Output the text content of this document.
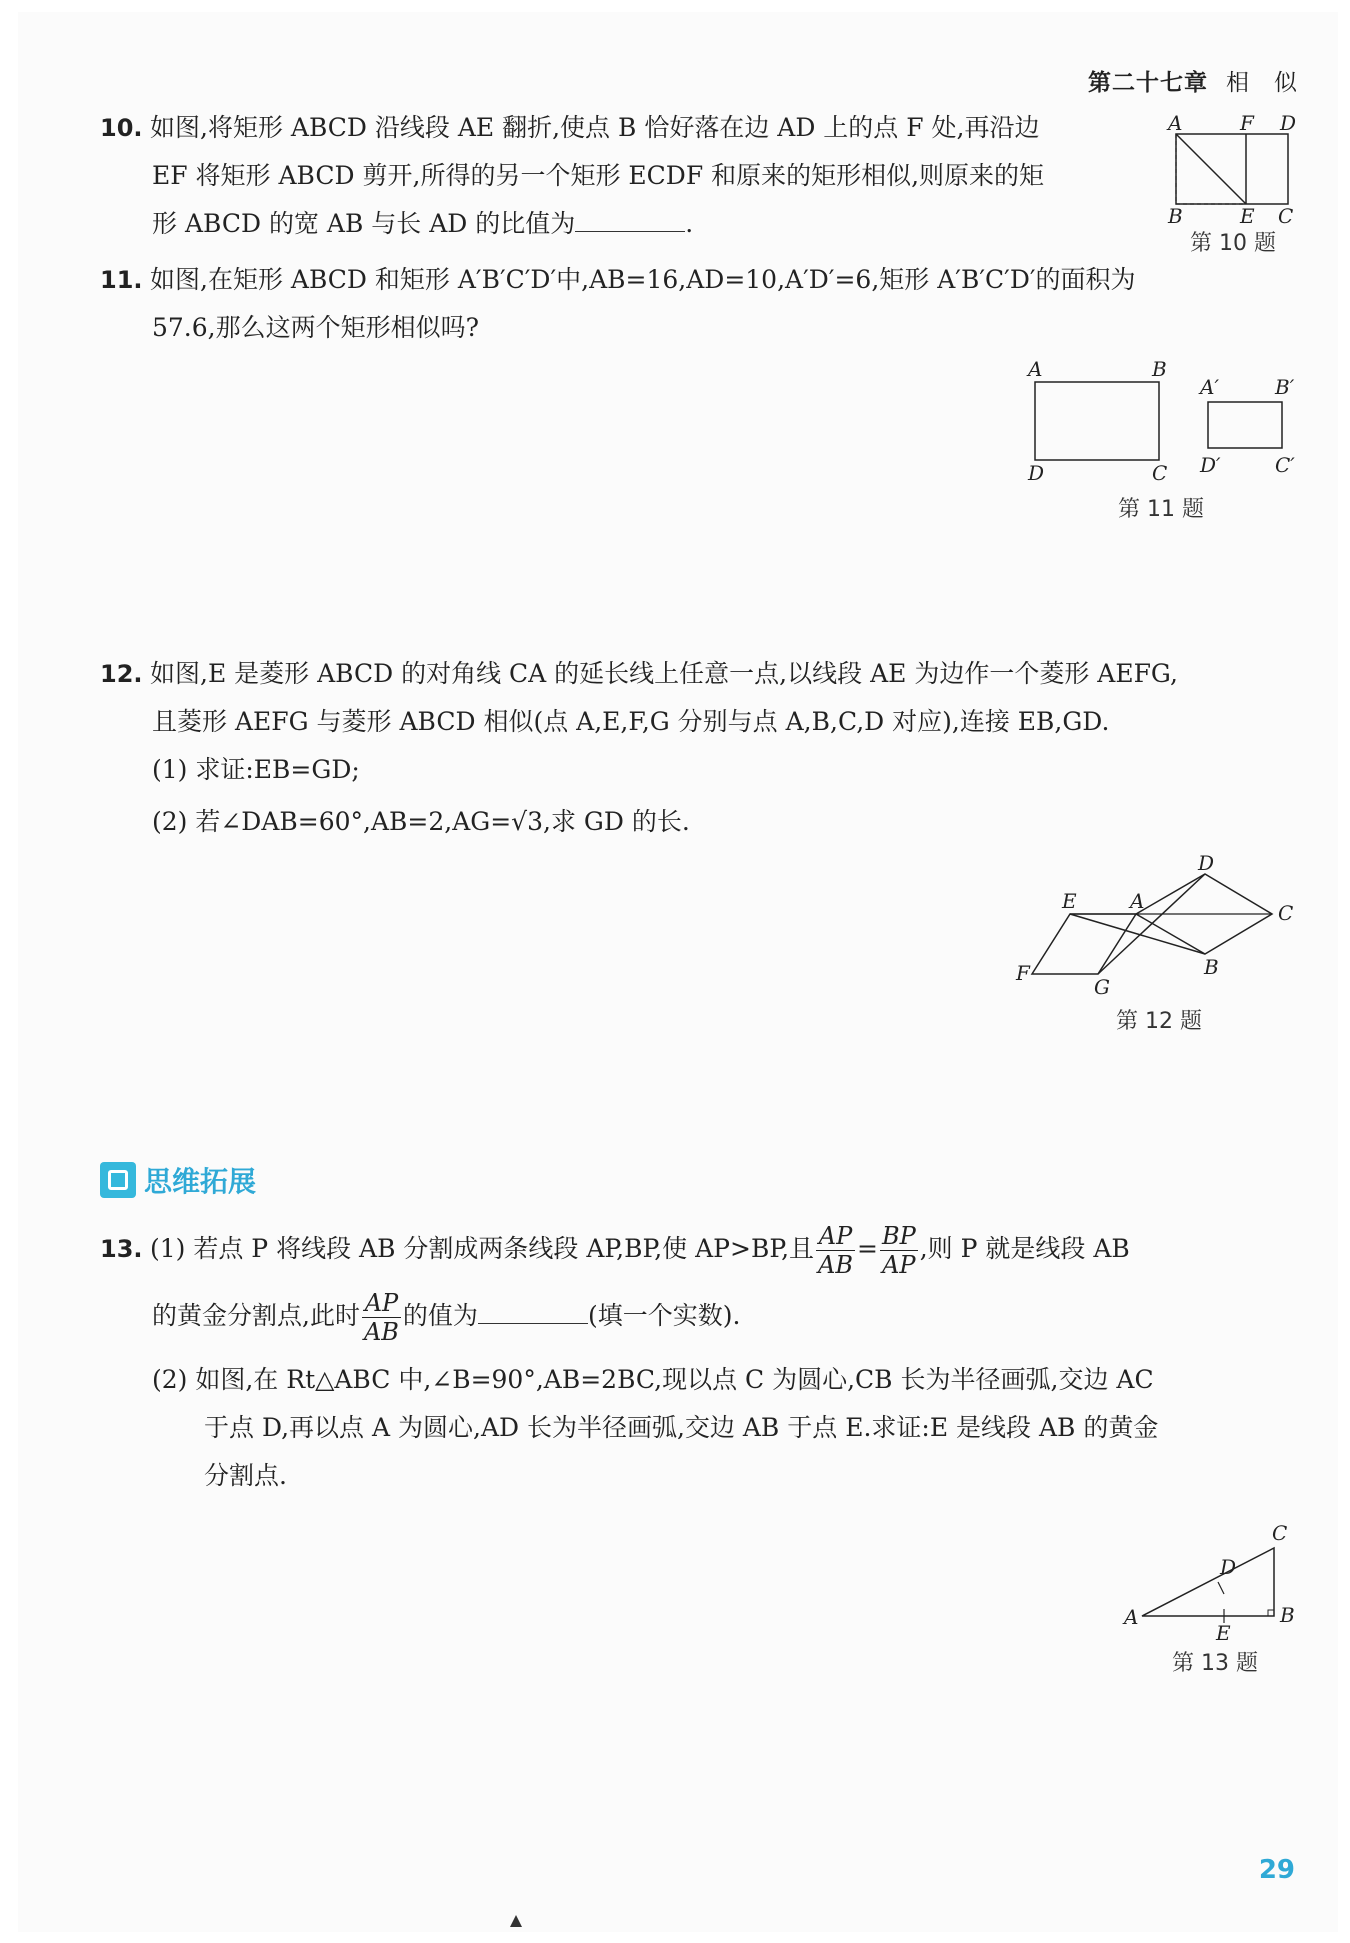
第二十七章 相　似
10. 如图,将矩形 ABCD 沿线段 AE 翻折,使点 B 恰好落在边 AD 上的点 F 处,再沿边
EF 将矩形 ABCD 剪开,所得的另一个矩形 ECDF 和原来的矩形相似,则原来的矩
形 ABCD 的宽 AB 与长 AD 的比值为	.
A	F D
B	E C
第 10 题
11. 如图,在矩形 ABCD 和矩形 A′B′C′D′中,AB=16,AD=10,A′D′=6,矩形 A′B′C′D′的面积为
57.6,那么这两个矩形相似吗?
A	B
D	C
A′	B′
D′	C′
第 11 题
12. 如图,E 是菱形 ABCD 的对角线 CA 的延长线上任意一点,以线段 AE 为边作一个菱形 AEFG,
且菱形 AEFG 与菱形 ABCD 相似(点 A,E,F,G 分别与点 A,B,C,D 对应),连接 EB,GD.
(1) 求证:EB=GD;
(2) 若∠DAB=60°,AB=2,AG=√3,求 GD 的长.
D
E	A	C
F
G
B
第 12 题
思维拓展
13. (1) 若点 P 将线段 AB 分割成两条线段 AP,BP,使 AP>BP,且 $\frac{AP}{AB} = \frac{BP}{AP}$ ,则 P 就是线段 AB
的黄金分割点,此时 $\frac{AP}{AB}$ 的值为	(填一个实数).
(2) 如图,在 Rt△ABC 中,∠B=90°,AB=2BC,现以点 C 为圆心,CB 长为半径画弧,交边 AC
于点 D,再以点 A 为圆心,AD 长为半径画弧,交边 AB 于点 E.求证:E 是线段 AB 的黄金
分割点.
A	B
C
D
E
第 13 题
29
